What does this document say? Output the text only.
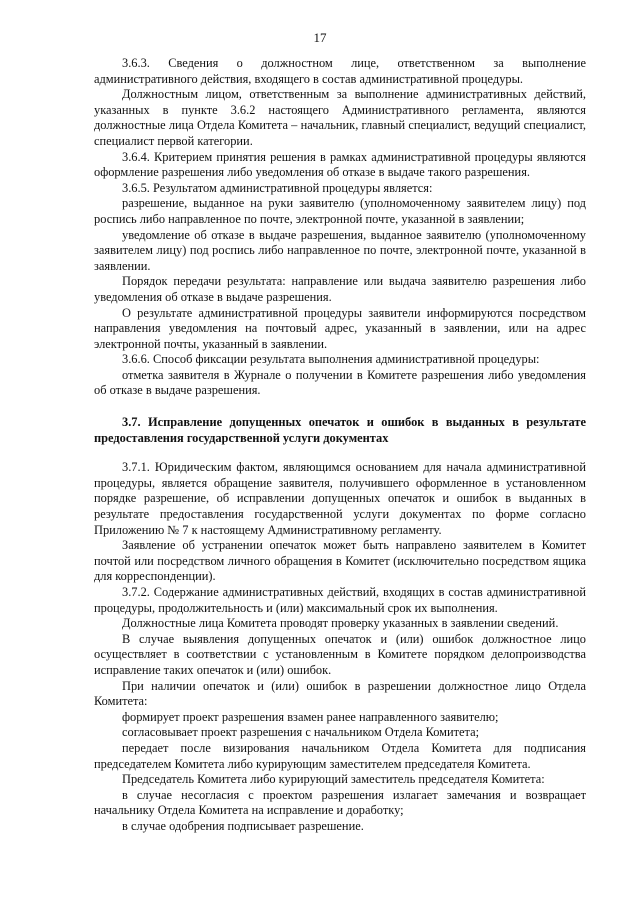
17

3.6.3. Сведения о должностном лице, ответственном за выполнение административного действия, входящего в состав административной процедуры.

Должностным лицом, ответственным за выполнение административных действий, указанных в пункте 3.6.2 настоящего Административного регламента, являются должностные лица Отдела Комитета – начальник, главный специалист, ведущий специалист, специалист первой категории.

3.6.4. Критерием принятия решения в рамках административной процедуры являются оформление разрешения либо уведомления об отказе в выдаче такого разрешения.

3.6.5. Результатом административной процедуры является:

разрешение, выданное на руки заявителю (уполномоченному заявителем лицу) под роспись либо направленное по почте, электронной почте, указанной в заявлении;

уведомление об отказе в выдаче разрешения, выданное заявителю (уполномоченному заявителем лицу) под роспись либо направленное по почте, электронной почте, указанной в заявлении.

Порядок передачи результата: направление или выдача заявителю разрешения либо уведомления об отказе в выдаче разрешения.

О результате административной процедуры заявители информируются посредством направления уведомления на почтовый адрес, указанный в заявлении, или на адрес электронной почты, указанный в заявлении.

3.6.6. Способ фиксации результата выполнения административной процедуры:

отметка заявителя в Журнале о получении в Комитете разрешения либо уведомления об отказе в выдаче разрешения.

3.7. Исправление допущенных опечаток и ошибок в выданных в результате предоставления государственной услуги документах

3.7.1. Юридическим фактом, являющимся основанием для начала административной процедуры, является обращение заявителя, получившего оформленное в установленном порядке разрешение, об исправлении допущенных опечаток и ошибок в выданных в результате предоставления государственной услуги документах по форме согласно Приложению № 7 к настоящему Административному регламенту.

Заявление об устранении опечаток может быть направлено заявителем в Комитет почтой или посредством личного обращения в Комитет (исключительно посредством ящика для корреспонденции).

3.7.2. Содержание административных действий, входящих в состав административной процедуры, продолжительность и (или) максимальный срок их выполнения.

Должностные лица Комитета проводят проверку указанных в заявлении сведений.

В случае выявления допущенных опечаток и (или) ошибок должностное лицо осуществляет в соответствии с установленным в Комитете порядком делопроизводства исправление таких опечаток и (или) ошибок.

При наличии опечаток и (или) ошибок в разрешении должностное лицо Отдела Комитета:

формирует проект разрешения взамен ранее направленного заявителю;

согласовывает проект разрешения с начальником Отдела Комитета;

передает после визирования начальником Отдела Комитета для подписания председателем Комитета либо курирующим заместителем председателя Комитета.

Председатель Комитета либо курирующий заместитель председателя Комитета:

в случае несогласия с проектом разрешения излагает замечания и возвращает начальнику Отдела Комитета на исправление и доработку;

в случае одобрения подписывает разрешение.
